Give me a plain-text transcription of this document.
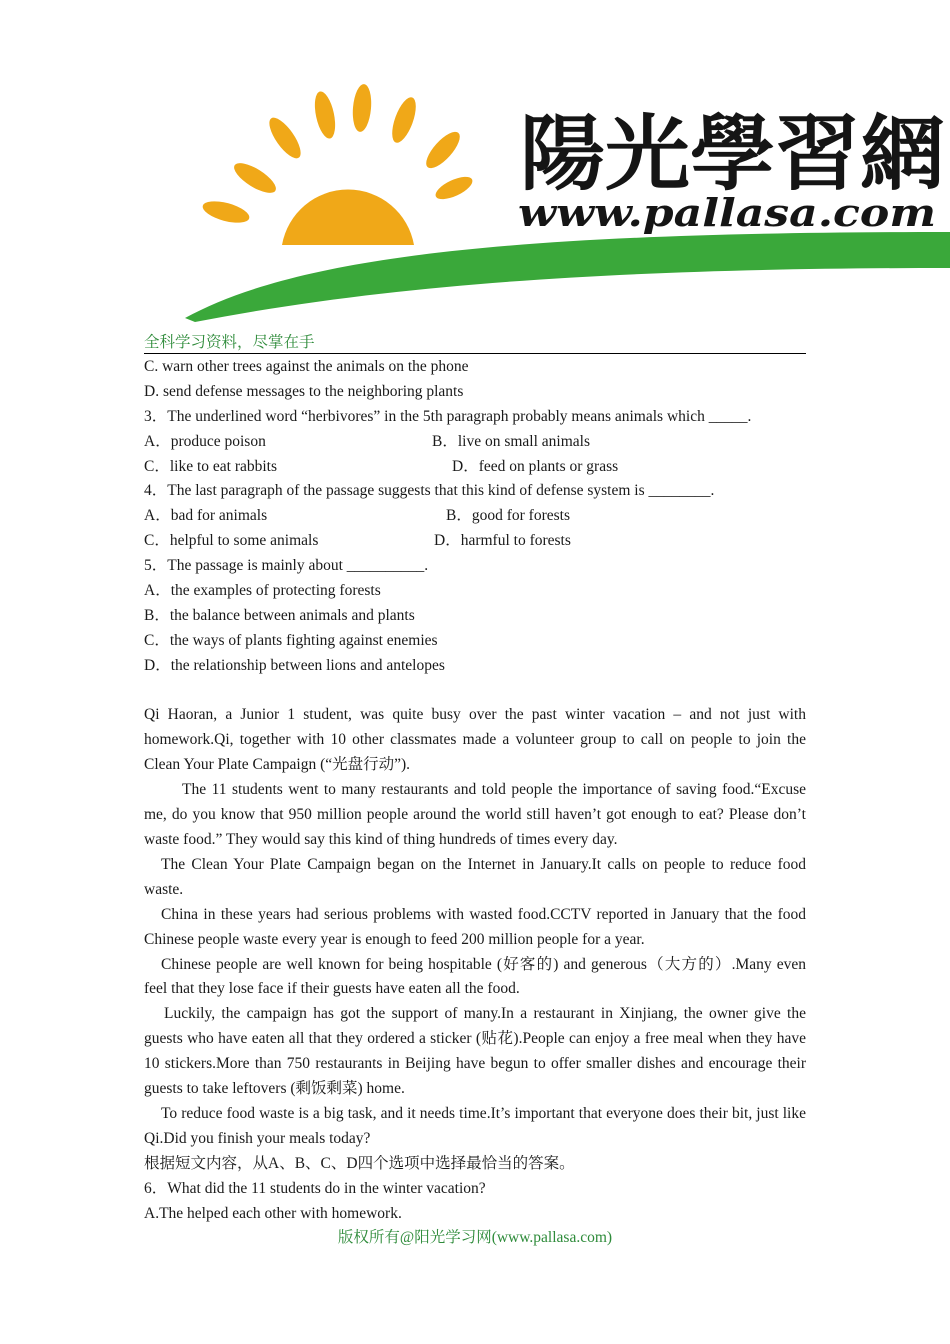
陽光學習網
www.pallasa.com
全科学习资料，尽掌在手
C. warn other trees against the animals on the phone
D. send defense messages to the neighboring plants
3．The underlined word “herbivores” in the 5th paragraph probably means animals which _____.
A．produce poison	B．live on small animals
C．like to eat rabbits	D．feed on plants or grass
4．The last paragraph of the passage suggests that this kind of defense system is ________.
A．bad for animals	B．good for forests
C．helpful to some animals	D．harmful to forests
5．The passage is mainly about __________.
A．the examples of protecting forests
B．the balance between animals and plants
C．the ways of plants fighting against enemies
D．the relationship between lions and antelopes
Qi Haoran, a Junior 1 student, was quite busy over the past winter vacation – and not just with homework.Qi, together with 10 other classmates made a volunteer group to call on people to join the Clean Your Plate Campaign (“光盘行动”).
The 11 students went to many restaurants and told people the importance of saving food.“Excuse me, do you know that 950 million people around the world still haven’t got enough to eat? Please don’t waste food.” They would say this kind of thing hundreds of times every day.
The Clean Your Plate Campaign began on the Internet in January.It calls on people to reduce food waste.
China in these years had serious problems with wasted food.CCTV reported in January that the food Chinese people waste every year is enough to feed 200 million people for a year.
Chinese people are well known for being hospitable (好客的) and generous（大方的）.Many even feel that they lose face if their guests have eaten all the food.
Luckily, the campaign has got the support of many.In a restaurant in Xinjiang, the owner give the guests who have eaten all that they ordered a sticker (贴花).People can enjoy a free meal when they have 10 stickers.More than 750 restaurants in Beijing have begun to offer smaller dishes and encourage their guests to take leftovers (剩饭剩菜) home.
To reduce food waste is a big task, and it needs time.It’s important that everyone does their bit, just like Qi.Did you finish your meals today?
根据短文内容，从A、B、C、D四个选项中选择最恰当的答案。
6．What did the 11 students do in the winter vacation?
A.The helped each other with homework.
版权所有@阳光学习网(www.pallasa.com)
